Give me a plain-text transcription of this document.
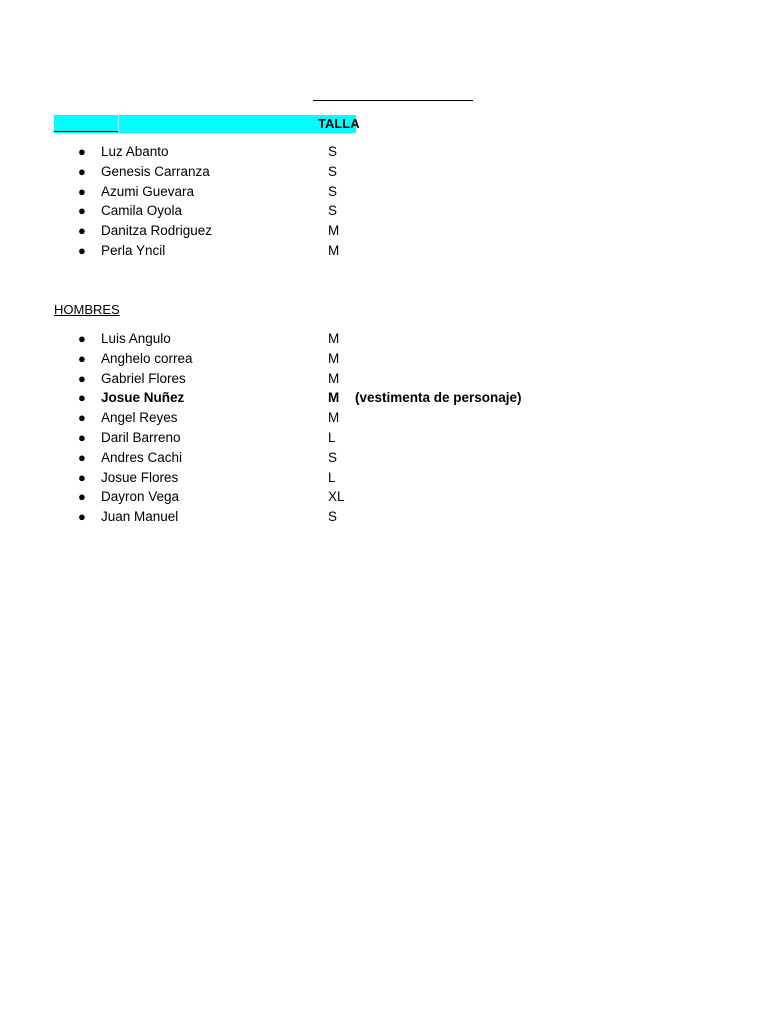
TALLA
● Luz Abanto	S
● Genesis Carranza	S
● Azumi Guevara	S
● Camila Oyola	S
● Danitza Rodriguez	M
● Perla Yncil	M
HOMBRES
● Luis Angulo	M
● Anghelo correa	M
● Gabriel Flores	M
● Josue Nuñez	M (vestimenta de personaje)
● Angel Reyes	M
● Daril Barreno	L
● Andres Cachi	S
● Josue Flores	L
● Dayron Vega	XL
● Juan Manuel	S
